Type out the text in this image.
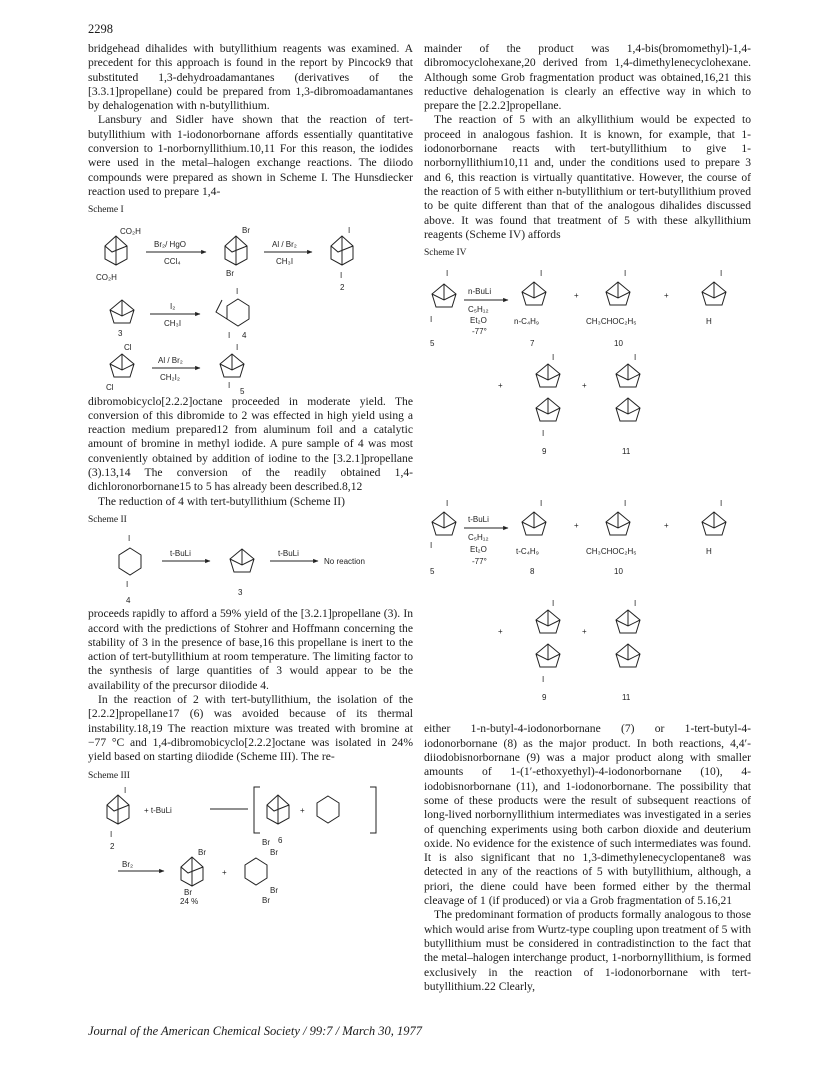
2298

bridgehead dihalides with butyllithium reagents was examined. A precedent for this approach is found in the report by Pincock9 that substituted 1,3-dehydroadamantanes (derivatives of the [3.3.1]propellane) could be prepared from 1,3-dibromoadamantanes by dehalogenation with n-butyllithium.

Lansbury and Sidler have shown that the reaction of tert-butyllithium with 1-iodonorbornane affords essentially quantitative conversion to 1-norbornyllithium.10,11 For this reason, the iodides were used in the metal–halogen exchange reactions. The diiodo compounds were prepared as shown in Scheme I. The Hunsdiecker reaction used to prepare 1,4-

Scheme I
CO₂H
CO₂H
Br₂/ HgO
CCl₄
Br
Br
Al / Br₂
CH₃I
I
I
2
3
I₂
CH₃I
I
I 4
Cl
Cl
Al / Br₂
CH₂I₂
I
I
5

dibromobicyclo[2.2.2]octane proceeded in moderate yield. The conversion of this dibromide to 2 was effected in high yield using a reaction medium prepared12 from aluminum foil and a catalytic amount of bromine in methyl iodide. A pure sample of 4 was most conveniently obtained by addition of iodine to the [3.2.1]propellane (3).13,14 The conversion of the readily obtained 1,4-dichloronorbornane15 to 5 has already been described.8,12

The reduction of 4 with tert-butyllithium (Scheme II)

Scheme II
I
I
4
t-BuLi
3
t-BuLi
No reaction

proceeds rapidly to afford a 59% yield of the [3.2.1]propellane (3). In accord with the predictions of Stohrer and Hoffmann concerning the stability of 3 in the presence of base,16 this propellane is inert to the action of tert-butyllithium at room temperature. The limiting factor to the synthesis of large quantities of 3 would appear to be the availability of the precursor diiodide 4.

In the reaction of 2 with tert-butyllithium, the isolation of the [2.2.2]propellane17 (6) was avoided because of its thermal instability.18,19 The reaction mixture was treated with bromine at −77 °C and 1,4-dibromobicyclo[2.2.2]octane was isolated in 24% yield based on starting diiodide (Scheme III). The re-

Scheme III
I
I
2
+ t-BuLi	+
6
Br₂
Br
Br
24 %
+
Br
Br
Br
Br

mainder of the product was 1,4-bis(bromomethyl)-1,4-dibromocyclohexane,20 derived from 1,4-dimethylenecyclohexane. Although some Grob fragmentation product was obtained,16,21 this reductive dehalogenation is clearly an effective way in which to prepare the [2.2.2]propellane.

The reaction of 5 with an alkyllithium would be expected to proceed in analogous fashion. It is known, for example, that 1-iodonorbornane reacts with tert-butyllithium to give 1-norbornyllithium10,11 and, under the conditions used to prepare 3 and 6, this reaction is virtually quantitative. However, the course of the reaction of 5 with either n-butyllithium or tert-butyllithium proved to be quite different than that of the analogous dihalides discussed above. It was found that treatment of 5 with these alkyllithium reagents (Scheme IV) affords

Scheme IV
I
I
5
n-BuLi
C₅H₁₂
Et₂O
-77°
I
n-C₄H₉
7
+
I
CH₃CHOC₂H₅
10
+
I
H
+
I
I
9
+
I
11
I
I
5
t-BuLi
C₅H₁₂
Et₂O
-77°
I
t-C₄H₉
8
+
I
CH₃CHOC₂H₅
10
+
I
H
+
I
I
9
+
I
11

either 1-n-butyl-4-iodonorbornane (7) or 1-tert-butyl-4-iodonorbornane (8) as the major product. In both reactions, 4,4′-diiodobisnorbornane (9) was a major product along with smaller amounts of 1-(1′-ethoxyethyl)-4-iodonorbornane (10), 4-iodobisnorbornane (11), and 1-iodonorbornane. The possibility that some of these products were the result of subsequent reactions of long-lived norbornyllithium intermediates was investigated in a series of quenching experiments using both carbon dioxide and deuterium oxide. No evidence for the existence of such intermediates was found. It is also significant that no 1,3-dimethylenecyclopentane8 was detected in any of the reactions of 5 with butyllithium, although, a priori, the diene could have been formed either by the thermal cleavage of 1 (if produced) or via a Grob fragmentation of 5.16,21

The predominant formation of products formally analogous to those which would arise from Wurtz-type coupling upon treatment of 5 with butyllithium must be considered in contradistinction to the fact that the metal–halogen interchange product, 1-norbornyllithium, is formed exclusively in the reaction of 1-iodonorbornane with tert-butyllithium.22 Clearly,

Journal of the American Chemical Society / 99:7 / March 30, 1977
